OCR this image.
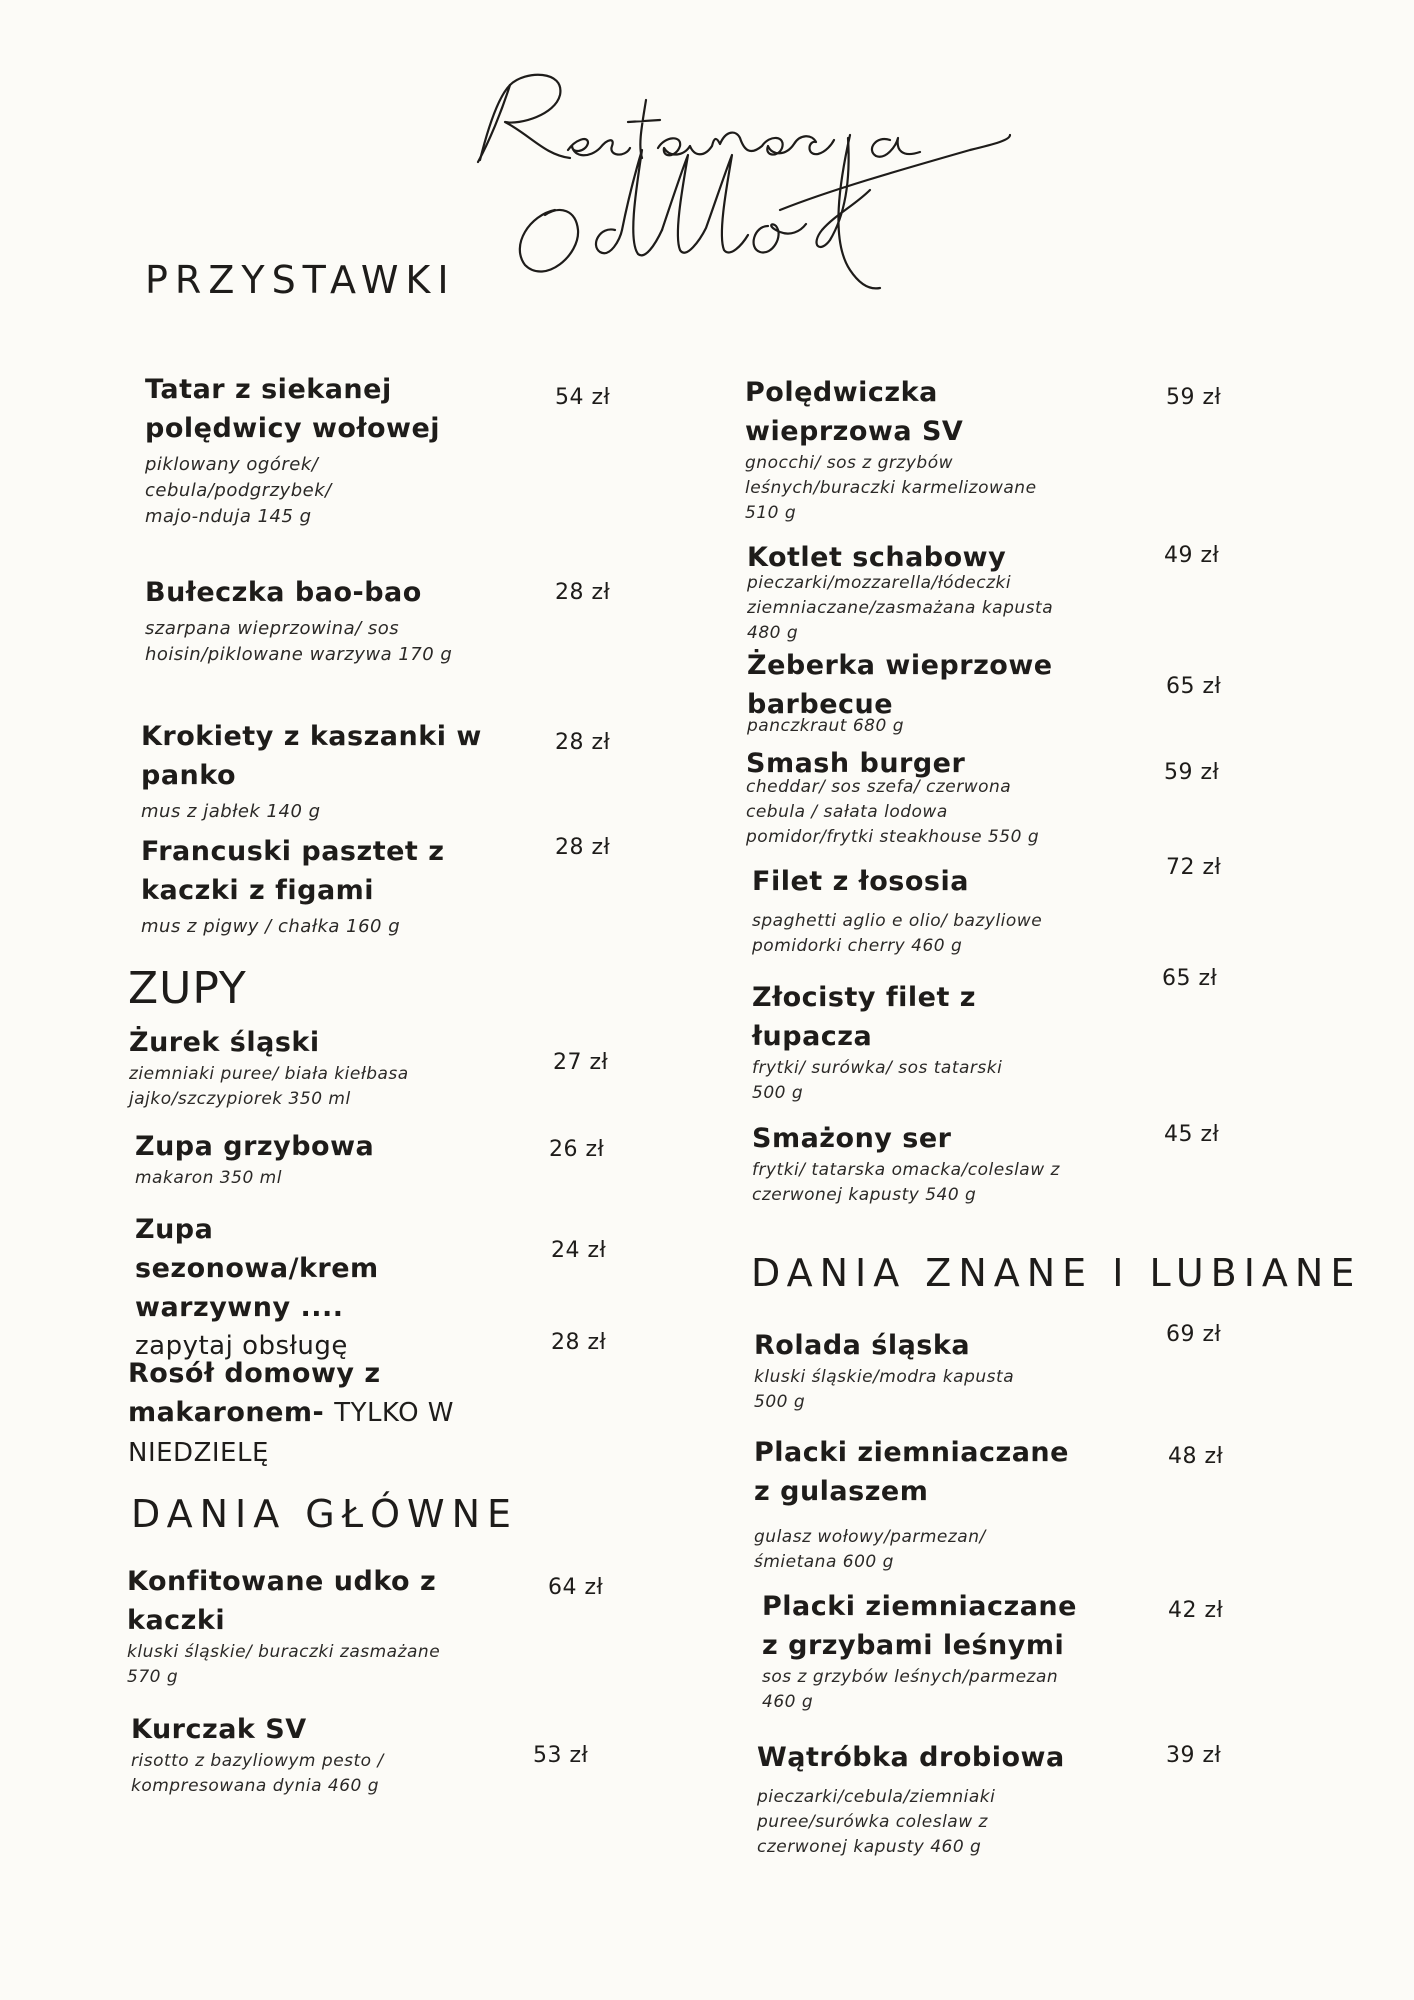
PRZYSTAWKI
ZUPY
DANIA GŁÓWNE
DANIA ZNANE I LUBIANE
Tatar z siekanej polędwicy wołowej
piklowany ogórek/ cebula/podgrzybek/ majo-nduja 145 g
54 zł
Bułeczka bao-bao
szarpana wieprzowina/ sos hoisin/piklowane warzywa 170 g
28 zł
Krokiety z kaszanki w panko
mus z jabłek 140 g
28 zł
Francuski pasztet z kaczki z figami
mus z pigwy / chałka 160 g
28 zł
Żurek śląski
ziemniaki puree/ biała kiełbasa jajko/szczypiorek 350 ml
27 zł
Zupa grzybowa
makaron 350 ml
26 zł
Zupa sezonowa/krem warzywny ....
zapytaj obsługę
24 zł
Rosół domowy z makaronem- TYLKO W NIEDZIELĘ
28 zł
Konfitowane udko z kaczki
kluski śląskie/ buraczki zasmażane 570 g
64 zł
Kurczak SV
risotto z bazyliowym pesto / kompresowana dynia 460 g
53 zł
Polędwiczka wieprzowa SV
gnocchi/ sos z grzybów leśnych/buraczki karmelizowane 510 g
59 zł
Kotlet schabowy
pieczarki/mozzarella/łódeczki ziemniaczane/zasmażana kapusta 480 g
49 zł
Żeberka wieprzowe barbecue
panczkraut 680 g
65 zł
Smash burger
cheddar/ sos szefa/ czerwona cebula / sałata lodowa pomidor/frytki steakhouse 550 g
59 zł
Filet z łososia
spaghetti aglio e olio/ bazyliowe pomidorki cherry 460 g
72 zł
Złocisty filet z łupacza
frytki/ surówka/ sos tatarski 500 g
65 zł
Smażony ser
frytki/ tatarska omacka/coleslaw z czerwonej kapusty 540 g
45 zł
Rolada śląska
kluski śląskie/modra kapusta 500 g
69 zł
Placki ziemniaczane z gulaszem
gulasz wołowy/parmezan/ śmietana 600 g
48 zł
Placki ziemniaczane z grzybami leśnymi
sos z grzybów leśnych/parmezan 460 g
42 zł
Wątróbka drobiowa
pieczarki/cebula/ziemniaki puree/surówka coleslaw z czerwonej kapusty 460 g
39 zł
